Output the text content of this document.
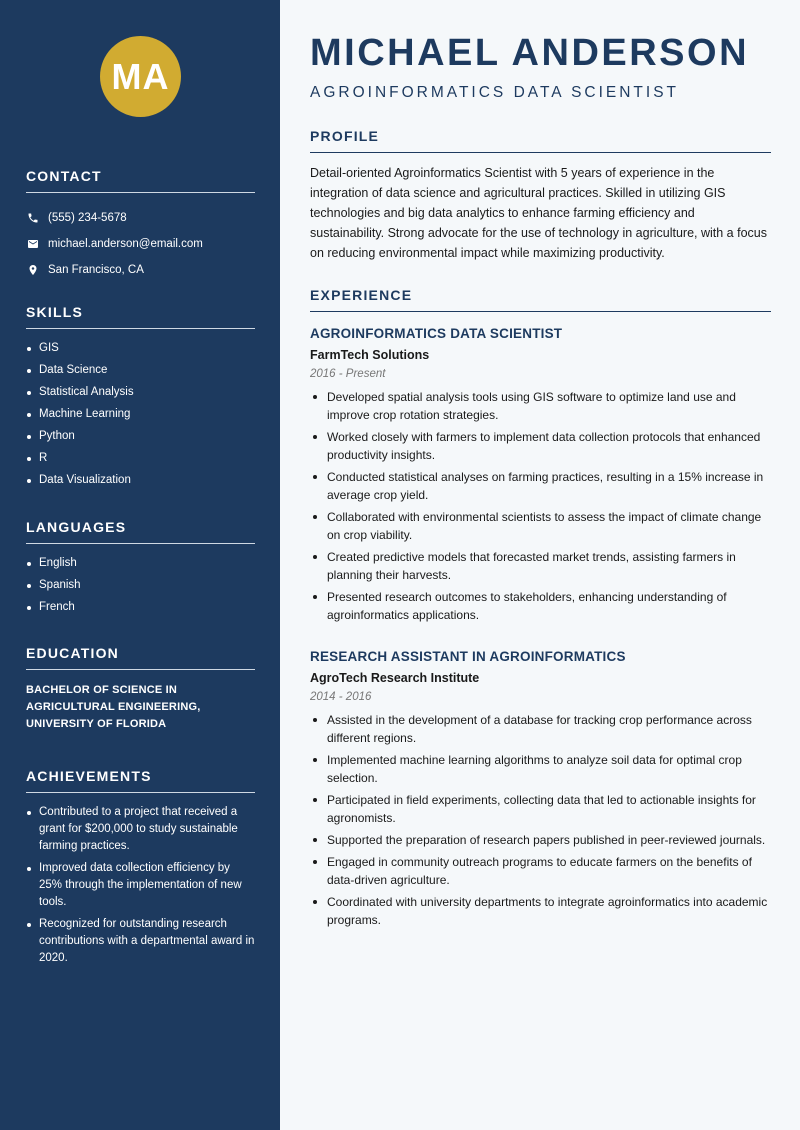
MA
CONTACT
(555) 234-5678
michael.anderson@email.com
San Francisco, CA
SKILLS
GIS
Data Science
Statistical Analysis
Machine Learning
Python
R
Data Visualization
LANGUAGES
English
Spanish
French
EDUCATION
BACHELOR OF SCIENCE IN AGRICULTURAL ENGINEERING, UNIVERSITY OF FLORIDA
ACHIEVEMENTS
Contributed to a project that received a grant for $200,000 to study sustainable farming practices.
Improved data collection efficiency by 25% through the implementation of new tools.
Recognized for outstanding research contributions with a departmental award in 2020.
MICHAEL ANDERSON
AGROINFORMATICS DATA SCIENTIST
PROFILE

Detail-oriented Agroinformatics Scientist with 5 years of experience in the integration of data science and agricultural practices. Skilled in utilizing GIS technologies and big data analytics to enhance farming efficiency and sustainability. Strong advocate for the use of technology in agriculture, with a focus on reducing environmental impact while maximizing productivity.

EXPERIENCE
AGROINFORMATICS DATA SCIENTIST
FarmTech Solutions
2016 - Present
Developed spatial analysis tools using GIS software to optimize land use and improve crop rotation strategies.
Worked closely with farmers to implement data collection protocols that enhanced productivity insights.
Conducted statistical analyses on farming practices, resulting in a 15% increase in average crop yield.
Collaborated with environmental scientists to assess the impact of climate change on crop viability.
Created predictive models that forecasted market trends, assisting farmers in planning their harvests.
Presented research outcomes to stakeholders, enhancing understanding of agroinformatics applications.
RESEARCH ASSISTANT IN AGROINFORMATICS
AgroTech Research Institute
2014 - 2016
Assisted in the development of a database for tracking crop performance across different regions.
Implemented machine learning algorithms to analyze soil data for optimal crop selection.
Participated in field experiments, collecting data that led to actionable insights for agronomists.
Supported the preparation of research papers published in peer-reviewed journals.
Engaged in community outreach programs to educate farmers on the benefits of data-driven agriculture.
Coordinated with university departments to integrate agroinformatics into academic programs.
